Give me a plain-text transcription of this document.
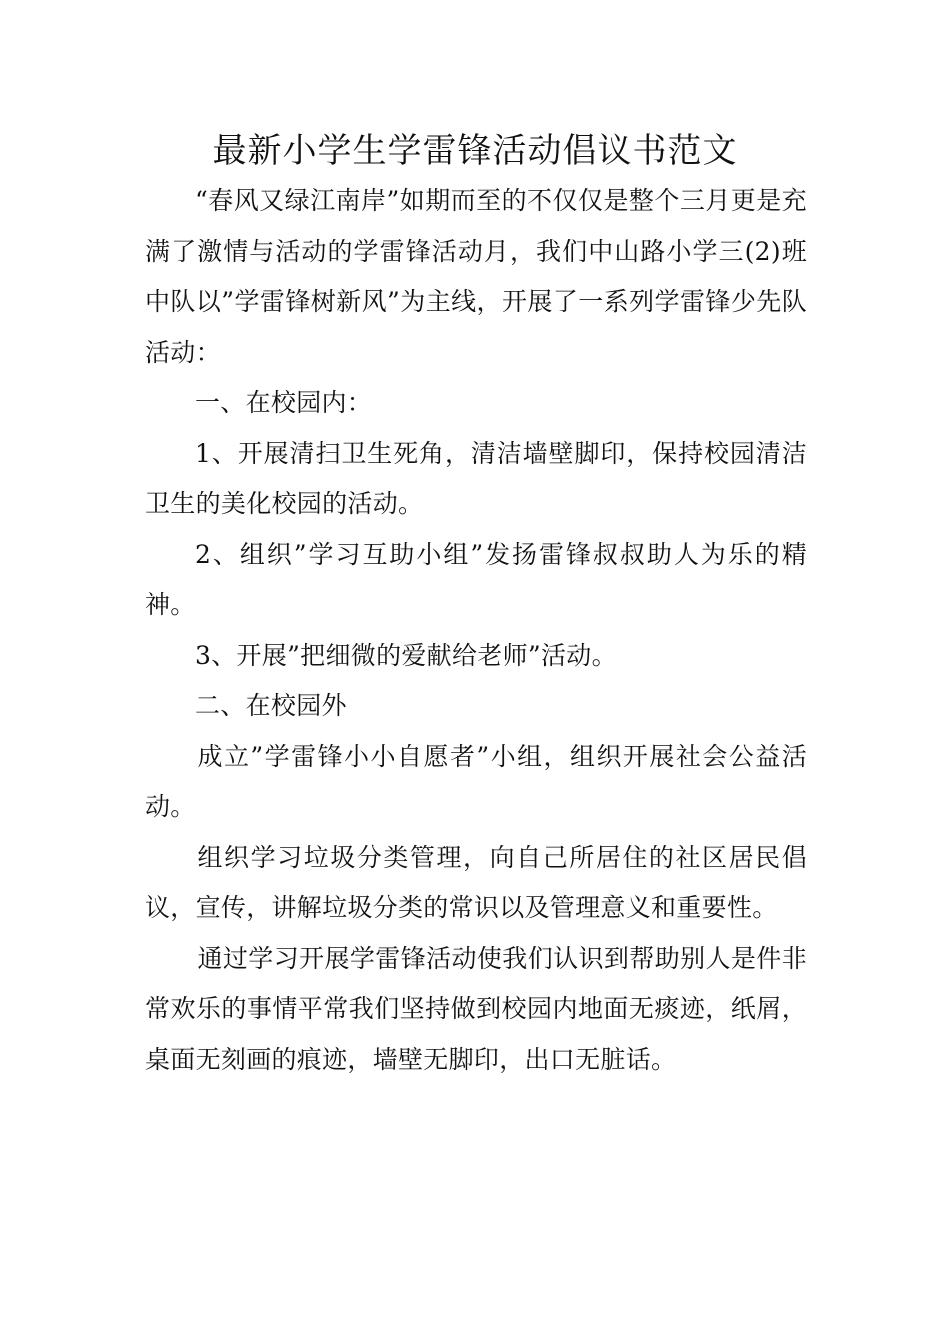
最新小学生学雷锋活动倡议书范文

“春风又绿江南岸”如期而至的不仅仅是整个三月更是充满了激情与活动的学雷锋活动月，我们中山路小学三(2)班中队以”学雷锋树新风”为主线，开展了一系列学雷锋少先队活动：

一、在校园内：

1、开展清扫卫生死角，清洁墙壁脚印，保持校园清洁卫生的美化校园的活动。

2、组织”学习互助小组”发扬雷锋叔叔助人为乐的精神。

3、开展”把细微的爱献给老师”活动。

二、在校园外

成立”学雷锋小小自愿者”小组，组织开展社会公益活动。

组织学习垃圾分类管理，向自己所居住的社区居民倡议，宣传，讲解垃圾分类的常识以及管理意义和重要性。

通过学习开展学雷锋活动使我们认识到帮助别人是件非常欢乐的事情平常我们坚持做到校园内地面无痰迹，纸屑，桌面无刻画的痕迹，墙壁无脚印，出口无脏话。
